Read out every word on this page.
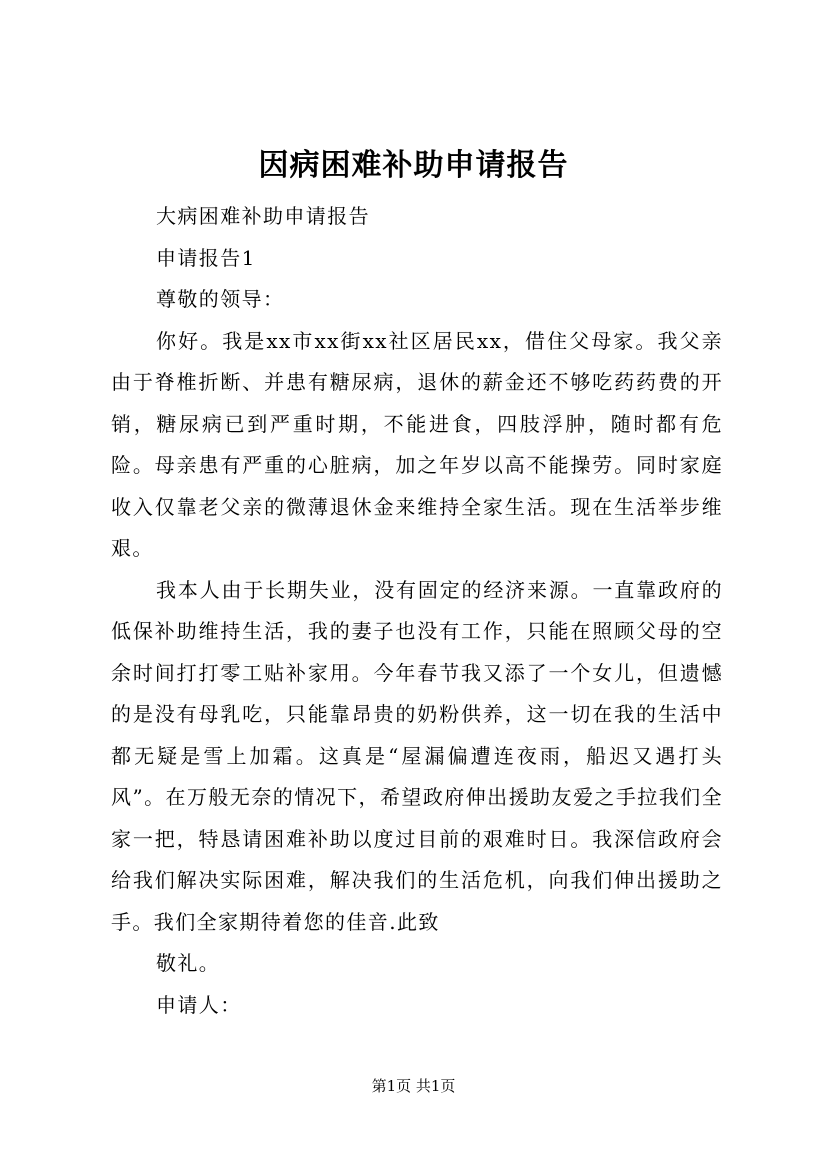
因病困难补助申请报告

大病困难补助申请报告

申请报告1

尊敬的领导：

你好。我是xx市xx街xx社区居民xx，借住父母家。我父亲由于脊椎折断、并患有糖尿病，退休的薪金还不够吃药药费的开销，糖尿病已到严重时期，不能进食，四肢浮肿，随时都有危险。母亲患有严重的心脏病，加之年岁以高不能操劳。同时家庭收入仅靠老父亲的微薄退休金来维持全家生活。现在生活举步维艰。

我本人由于长期失业，没有固定的经济来源。一直靠政府的低保补助维持生活，我的妻子也没有工作，只能在照顾父母的空余时间打打零工贴补家用。今年春节我又添了一个女儿，但遗憾的是没有母乳吃，只能靠昂贵的奶粉供养，这一切在我的生活中都无疑是雪上加霜。这真是“屋漏偏遭连夜雨，船迟又遇打头风”。在万般无奈的情况下，希望政府伸出援助友爱之手拉我们全家一把，特恳请困难补助以度过目前的艰难时日。我深信政府会给我们解决实际困难，解决我们的生活危机，向我们伸出援助之手。我们全家期待着您的佳音.此致

敬礼。

申请人：

第1页 共1页
